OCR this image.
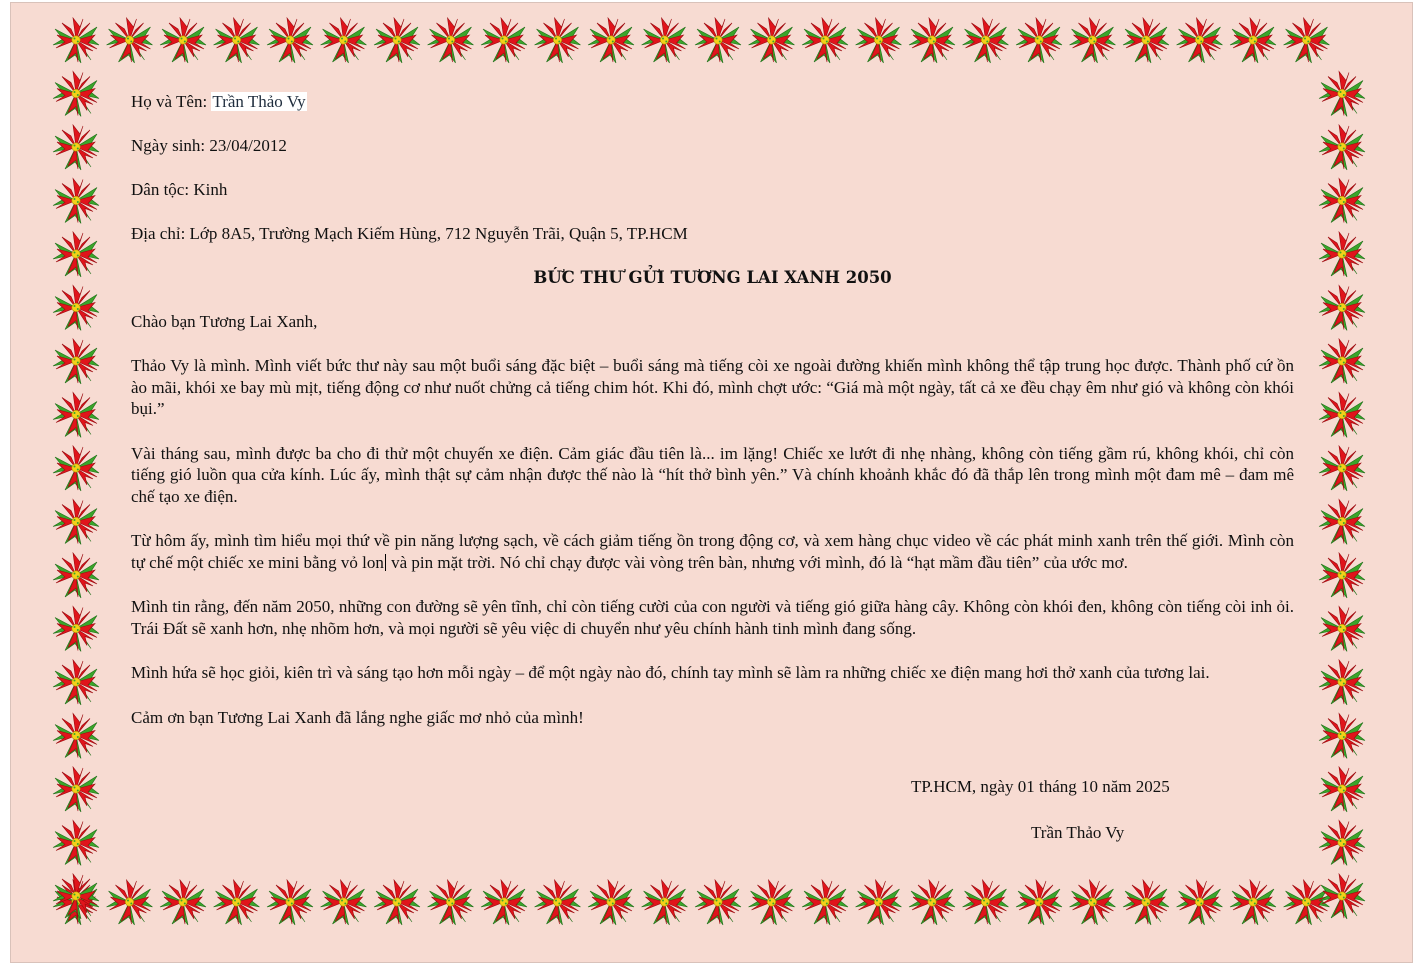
Họ và Tên: Trần Thảo Vy

Ngày sinh: 23/04/2012

Dân tộc: Kinh

Địa chỉ: Lớp 8A5, Trường Mạch Kiếm Hùng, 712 Nguyễn Trãi, Quận 5, TP.HCM

BỨC THƯ GỬI TƯƠNG LAI XANH 2050

Chào bạn Tương Lai Xanh,

Thảo Vy là mình. Mình viết bức thư này sau một buổi sáng đặc biệt – buổi sáng mà tiếng còi xe ngoài đường khiến mình không thể tập trung học được. Thành phố cứ ồn ào mãi, khói xe bay mù mịt, tiếng động cơ như nuốt chửng cả tiếng chim hót. Khi đó, mình chợt ước: “Giá mà một ngày, tất cả xe đều chạy êm như gió và không còn khói bụi.”

Vài tháng sau, mình được ba cho đi thử một chuyến xe điện. Cảm giác đầu tiên là... im lặng! Chiếc xe lướt đi nhẹ nhàng, không còn tiếng gầm rú, không khói, chỉ còn tiếng gió luồn qua cửa kính. Lúc ấy, mình thật sự cảm nhận được thế nào là “hít thở bình yên.” Và chính khoảnh khắc đó đã thắp lên trong mình một đam mê – đam mê chế tạo xe điện.

Từ hôm ấy, mình tìm hiểu mọi thứ về pin năng lượng sạch, về cách giảm tiếng ồn trong động cơ, và xem hàng chục video về các phát minh xanh trên thế giới. Mình còn tự chế một chiếc xe mini bằng vỏ lon và pin mặt trời. Nó chỉ chạy được vài vòng trên bàn, nhưng với mình, đó là “hạt mầm đầu tiên” của ước mơ.

Mình tin rằng, đến năm 2050, những con đường sẽ yên tĩnh, chỉ còn tiếng cười của con người và tiếng gió giữa hàng cây. Không còn khói đen, không còn tiếng còi inh ỏi. Trái Đất sẽ xanh hơn, nhẹ nhõm hơn, và mọi người sẽ yêu việc di chuyển như yêu chính hành tinh mình đang sống.

Mình hứa sẽ học giỏi, kiên trì và sáng tạo hơn mỗi ngày – để một ngày nào đó, chính tay mình sẽ làm ra những chiếc xe điện mang hơi thở xanh của tương lai.

Cảm ơn bạn Tương Lai Xanh đã lắng nghe giấc mơ nhỏ của mình!

TP.HCM, ngày 01 tháng 10 năm 2025
Trần Thảo Vy
